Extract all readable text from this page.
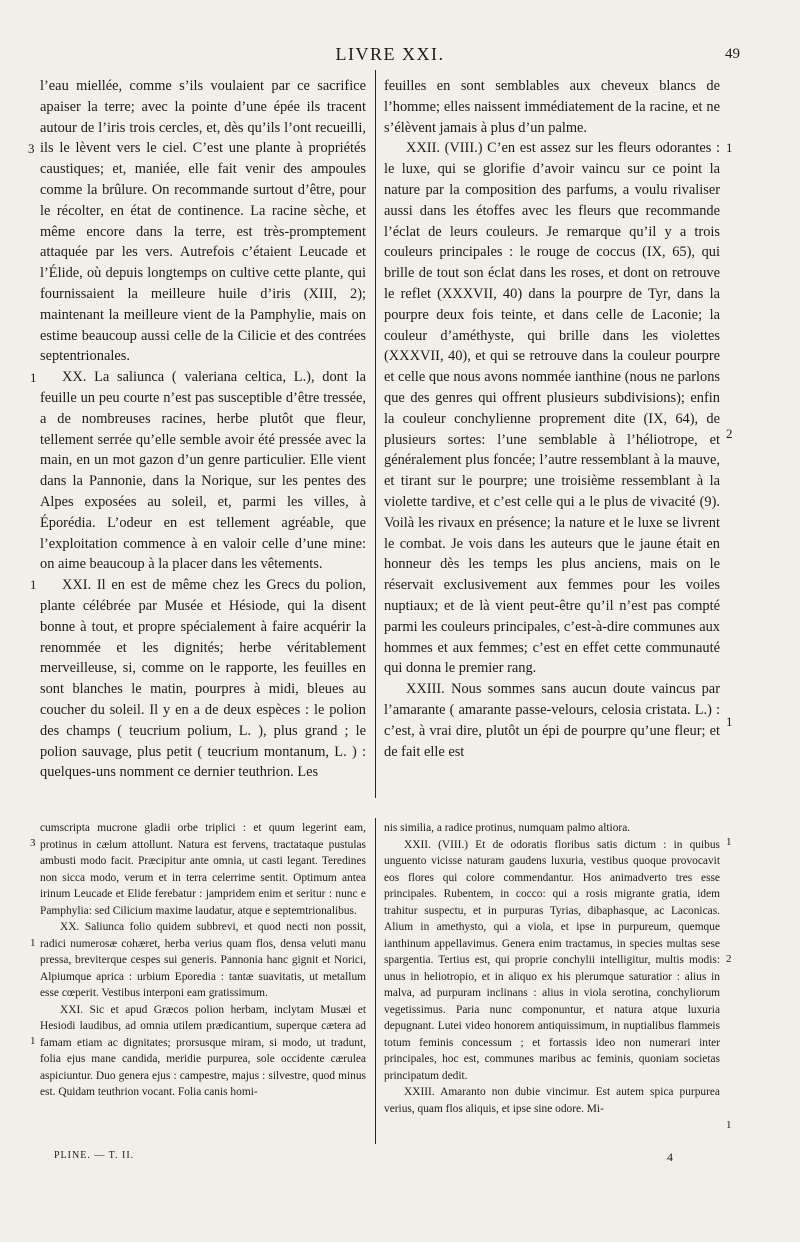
LIVRE XXI.	49

l’eau miellée, comme s’ils voulaient par ce sacrifice apaiser la terre; avec la pointe d’une épée ils tracent autour de l’iris trois cercles, et, dès qu’ils l’ont recueilli, ils le lèvent vers le ciel. C’est une plante à propriétés caustiques; et, maniée, elle fait venir des ampoules comme la brûlure. On recommande surtout d’être, pour le récolter, en état de continence. La racine sèche, et même encore dans la terre, est très-promptement attaquée par les vers. Autrefois c’étaient Leucade et l’Élide, où depuis longtemps on cultive cette plante, qui fournissaient la meilleure huile d’iris (XIII, 2); maintenant la meilleure vient de la Pamphylie, mais on estime beaucoup aussi celle de la Cilicie et des contrées septentrionales.

XX. La saliunca ( valeriana celtica, L.), dont la feuille un peu courte n’est pas susceptible d’être tressée, a de nombreuses racines, herbe plutôt que fleur, tellement serrée qu’elle semble avoir été pressée avec la main, en un mot gazon d’un genre particulier. Elle vient dans la Pannonie, dans la Norique, sur les pentes des Alpes exposées au soleil, et, parmi les villes, à Éporédia. L’odeur en est tellement agréable, que l’exploitation commence à en valoir celle d’une mine: on aime beaucoup à la placer dans les vêtements.

XXI. Il en est de même chez les Grecs du polion, plante célébrée par Musée et Hésiode, qui la disent bonne à tout, et propre spécialement à faire acquérir la renommée et les dignités; herbe véritablement merveilleuse, si, comme on le rapporte, les feuilles en sont blanches le matin, pourpres à midi, bleues au coucher du soleil. Il y en a de deux espèces : le polion des champs ( teucrium polium, L. ), plus grand ; le polion sauvage, plus petit ( teucrium montanum, L. ) : quelques-uns nomment ce dernier teuthrion. Les

feuilles en sont semblables aux cheveux blancs de l’homme; elles naissent immédiatement de la racine, et ne s’élèvent jamais à plus d’un palme.

XXII. (VIII.) C’en est assez sur les fleurs odorantes : le luxe, qui se glorifie d’avoir vaincu sur ce point la nature par la composition des parfums, a voulu rivaliser aussi dans les étoffes avec les fleurs que recommande l’éclat de leurs couleurs. Je remarque qu’il y a trois couleurs principales : le rouge de coccus (IX, 65), qui brille de tout son éclat dans les roses, et dont on retrouve le reflet (XXXVII, 40) dans la pourpre de Tyr, dans la pourpre deux fois teinte, et dans celle de Laconie; la couleur d’améthyste, qui brille dans les violettes (XXXVII, 40), et qui se retrouve dans la couleur pourpre et celle que nous avons nommée ianthine (nous ne parlons que des genres qui offrent plusieurs subdivisions); enfin la couleur conchylienne proprement dite (IX, 64), de plusieurs sortes: l’une semblable à l’héliotrope, et généralement plus foncée; l’autre ressemblant à la mauve, et tirant sur le pourpre; une troisième ressemblant à la violette tardive, et c’est celle qui a le plus de vivacité (9). Voilà les rivaux en présence; la nature et le luxe se livrent le combat. Je vois dans les auteurs que le jaune était en honneur dès les temps les plus anciens, mais on le réservait exclusivement aux femmes pour les voiles nuptiaux; et de là vient peut-être qu’il n’est pas compté parmi les couleurs principales, c’est-à-dire communes aux hommes et aux femmes; c’est en effet cette communauté qui donna le premier rang.

XXIII. Nous sommes sans aucun doute vaincus par l’amarante ( amarante passe-velours, celosia cristata. L.) : c’est, à vrai dire, plutôt un épi de pourpre qu’une fleur; et de fait elle est

cumscripta mucrone gladii orbe triplici : et quum legerint eam, protinus in cælum attollunt. Natura est fervens, tractataque pustulas ambusti modo facit. Præcipitur ante omnia, ut casti legant. Teredines non sicca modo, verum et in terra celerrime sentit. Optimum antea irinum Leucade et Elide ferebatur : jampridem enim et seritur : nunc e Pamphylia: sed Cilicium maxime laudatur, atque e septemtrionalibus.

XX. Saliunca folio quidem subbrevi, et quod necti non possit, radici numerosæ cohæret, herba verius quam flos, densa veluti manu pressa, breviterque cespes sui generis. Pannonia hanc gignit et Norici, Alpiumque aprica : urbium Eporedia : tantæ suavitatis, ut metallum esse cœperit. Vestibus interponi eam gratissimum.

XXI. Sic et apud Græcos polion herbam, inclytam Musæi et Hesiodi laudibus, ad omnia utilem prædicantium, superque cætera ad famam etiam ac dignitates; prorsusque miram, si modo, ut tradunt, folia ejus mane candida, meridie purpurea, sole occidente cærulea aspiciuntur. Duo genera ejus : campestre, majus : silvestre, quod minus est. Quidam teuthrion vocant. Folia canis homi-

nis similia, a radice protinus, numquam palmo altiora.

XXII. (VIII.) Et de odoratis floribus satis dictum : in quibus unguento vicisse naturam gaudens luxuria, vestibus quoque provocavit eos flores qui colore commendantur. Hos animadverto tres esse principales. Rubentem, in cocco: qui a rosis migrante gratia, idem trahitur suspectu, et in purpuras Tyrias, dibaphasque, ac Laconicas. Alium in amethysto, qui a viola, et ipse in purpureum, quemque ianthinum appellavimus. Genera enim tractamus, in species multas sese spargentia. Tertius est, qui proprie conchylii intelligitur, multis modis: unus in heliotropio, et in aliquo ex his plerumque saturatior : alius in malva, ad purpuram inclinans : alius in viola serotina, conchyliorum vegetissimus. Paria nunc componuntur, et natura atque luxuria depugnant. Lutei video honorem antiquissimum, in nuptialibus flammeis totum feminis concessum ; et fortassis ideo non numerari inter principales, hoc est, communes maribus ac feminis, quoniam societas principatum dedit.

XXIII. Amaranto non dubie vincimur. Est autem spica purpurea verius, quam flos aliquis, et ipse sine odore. Mi-

3
1
1
1
2
1
3
1
1
1
2
1
PLINE. — T. II.	4
